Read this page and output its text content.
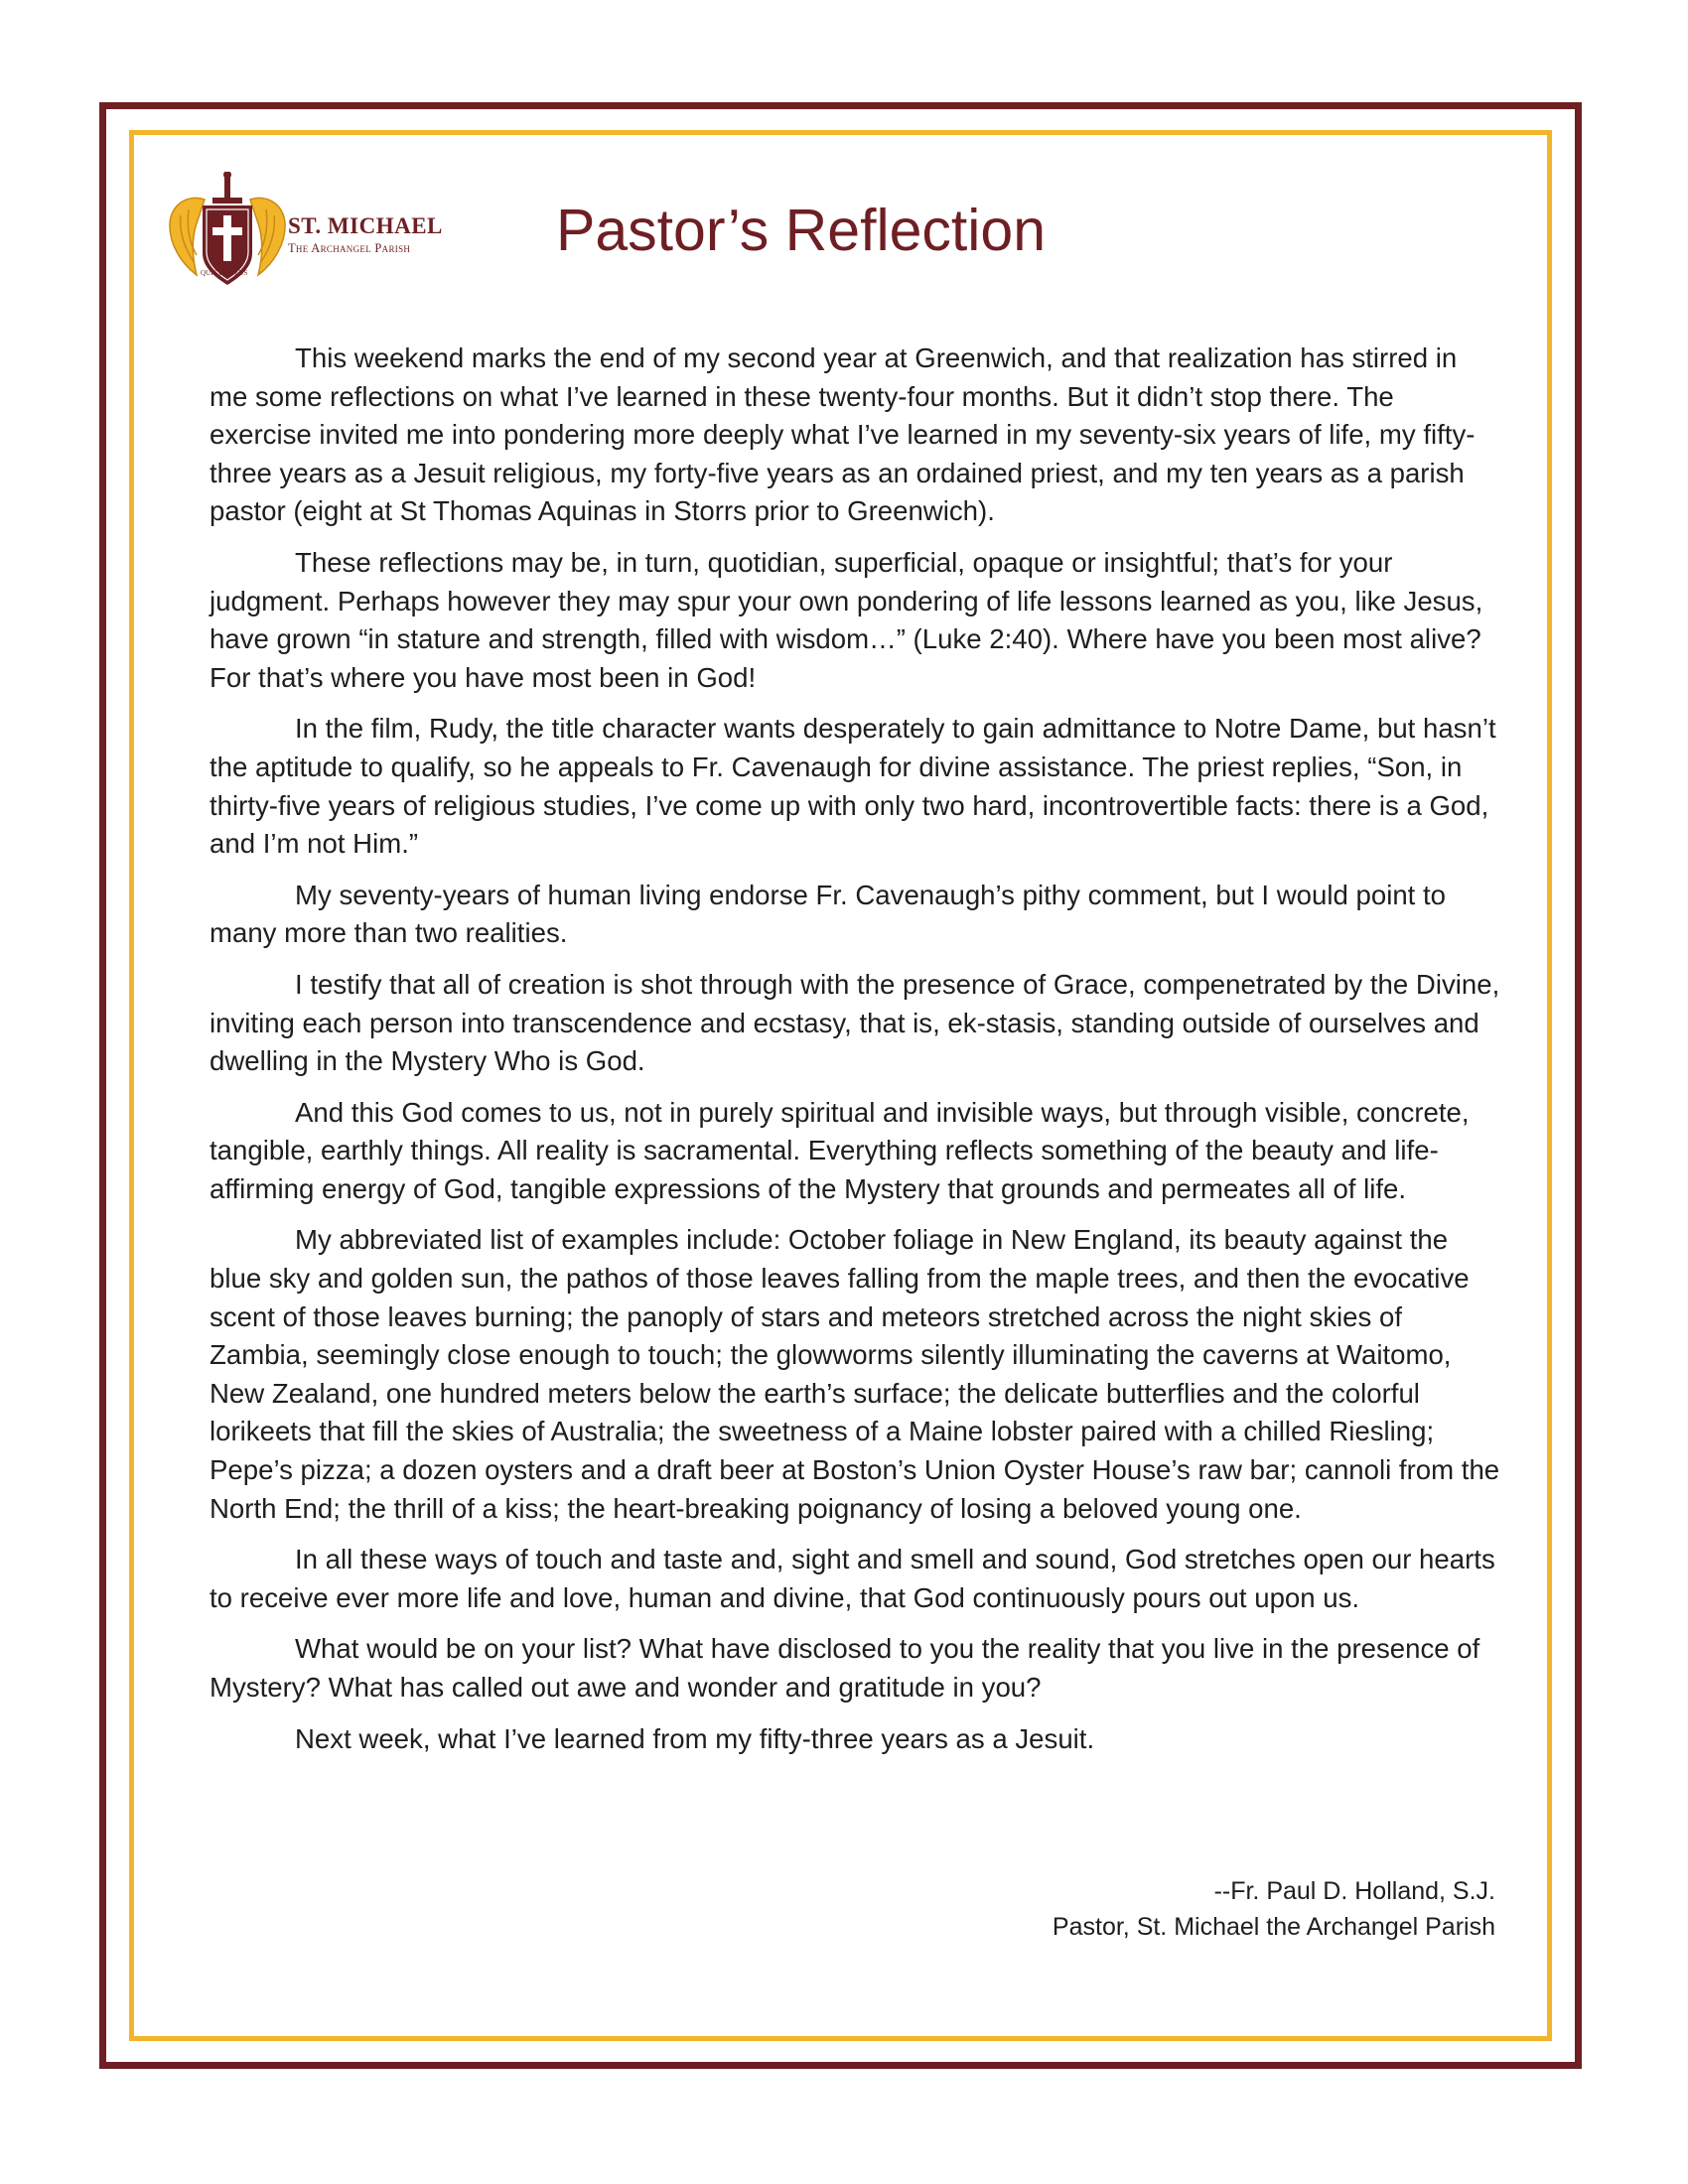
QUIS UT DEUS
ST. MICHAEL
The Archangel Parish Pastor’s Reflection

This weekend marks the end of my second year at Greenwich, and that realization has stirred in me some reflections on what I’ve learned in these twenty-four months. But it didn’t stop there. The exercise invited me into pondering more deeply what I’ve learned in my seventy-six years of life, my fifty-three years as a Jesuit religious, my forty-five years as an ordained priest, and my ten years as a parish pastor (eight at St Thomas Aquinas in Storrs prior to Greenwich).

These reflections may be, in turn, quotidian, superficial, opaque or insightful; that’s for your judgment. Perhaps however they may spur your own pondering of life lessons learned as you, like Jesus, have grown “in stature and strength, filled with wisdom…” (Luke 2:40). Where have you been most alive? For that’s where you have most been in God!

In the film, Rudy, the title character wants desperately to gain admittance to Notre Dame, but hasn’t the aptitude to qualify, so he appeals to Fr. Cavenaugh for divine assistance. The priest replies, “Son, in thirty-five years of religious studies, I’ve come up with only two hard, incontrovertible facts: there is a God, and I’m not Him.”

My seventy-years of human living endorse Fr. Cavenaugh’s pithy comment, but I would point to many more than two realities.

I testify that all of creation is shot through with the presence of Grace, compenetrated by the Divine, inviting each person into transcendence and ecstasy, that is, ek-stasis, standing outside of ourselves and dwelling in the Mystery Who is God.

And this God comes to us, not in purely spiritual and invisible ways, but through visible, concrete, tangible, earthly things. All reality is sacramental. Everything reflects something of the beauty and life-affirming energy of God, tangible expressions of the Mystery that grounds and permeates all of life.

My abbreviated list of examples include: October foliage in New England, its beauty against the blue sky and golden sun, the pathos of those leaves falling from the maple trees, and then the evocative scent of those leaves burning; the panoply of stars and meteors stretched across the night skies of Zambia, seemingly close enough to touch; the glowworms silently illuminating the caverns at Waitomo, New Zealand, one hundred meters below the earth’s surface; the delicate butterflies and the colorful lorikeets that fill the skies of Australia; the sweetness of a Maine lobster paired with a chilled Riesling; Pepe’s pizza; a dozen oysters and a draft beer at Boston’s Union Oyster House’s raw bar; cannoli from the North End; the thrill of a kiss; the heart-breaking poignancy of losing a beloved young one.

In all these ways of touch and taste and, sight and smell and sound, God stretches open our hearts to receive ever more life and love, human and divine, that God continuously pours out upon us.

What would be on your list? What have disclosed to you the reality that you live in the presence of Mystery? What has called out awe and wonder and gratitude in you?

Next week, what I’ve learned from my fifty-three years as a Jesuit.

--Fr. Paul D. Holland, S.J.
Pastor, St. Michael the Archangel Parish
